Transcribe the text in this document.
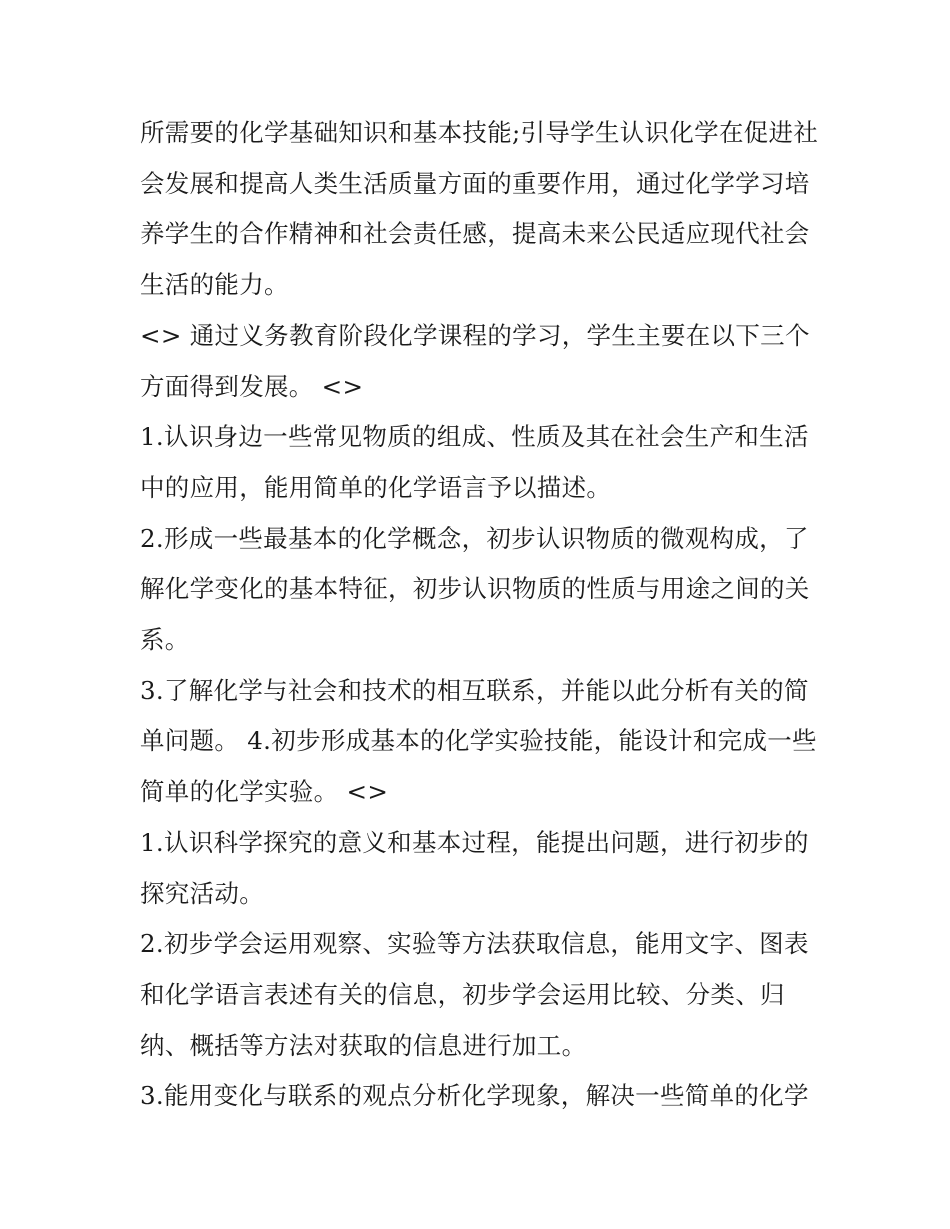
所需要的化学基础知识和基本技能;引导学生认识化学在促进社会发展和提高人类生活质量方面的重要作用，通过化学学习培养学生的合作精神和社会责任感，提高未来公民适应现代社会生活的能力。

<> 通过义务教育阶段化学课程的学习，学生主要在以下三个方面得到发展。 <>

1.认识身边一些常见物质的组成、性质及其在社会生产和生活中的应用，能用简单的化学语言予以描述。

2.形成一些最基本的化学概念，初步认识物质的微观构成，了解化学变化的基本特征，初步认识物质的性质与用途之间的关系。

3.了解化学与社会和技术的相互联系，并能以此分析有关的简单问题。 4.初步形成基本的化学实验技能，能设计和完成一些简单的化学实验。 <>

1.认识科学探究的意义和基本过程，能提出问题，进行初步的探究活动。

2.初步学会运用观察、实验等方法获取信息，能用文字、图表和化学语言表述有关的信息，初步学会运用比较、分类、归纳、概括等方法对获取的信息进行加工。

3.能用变化与联系的观点分析化学现象，解决一些简单的化学
